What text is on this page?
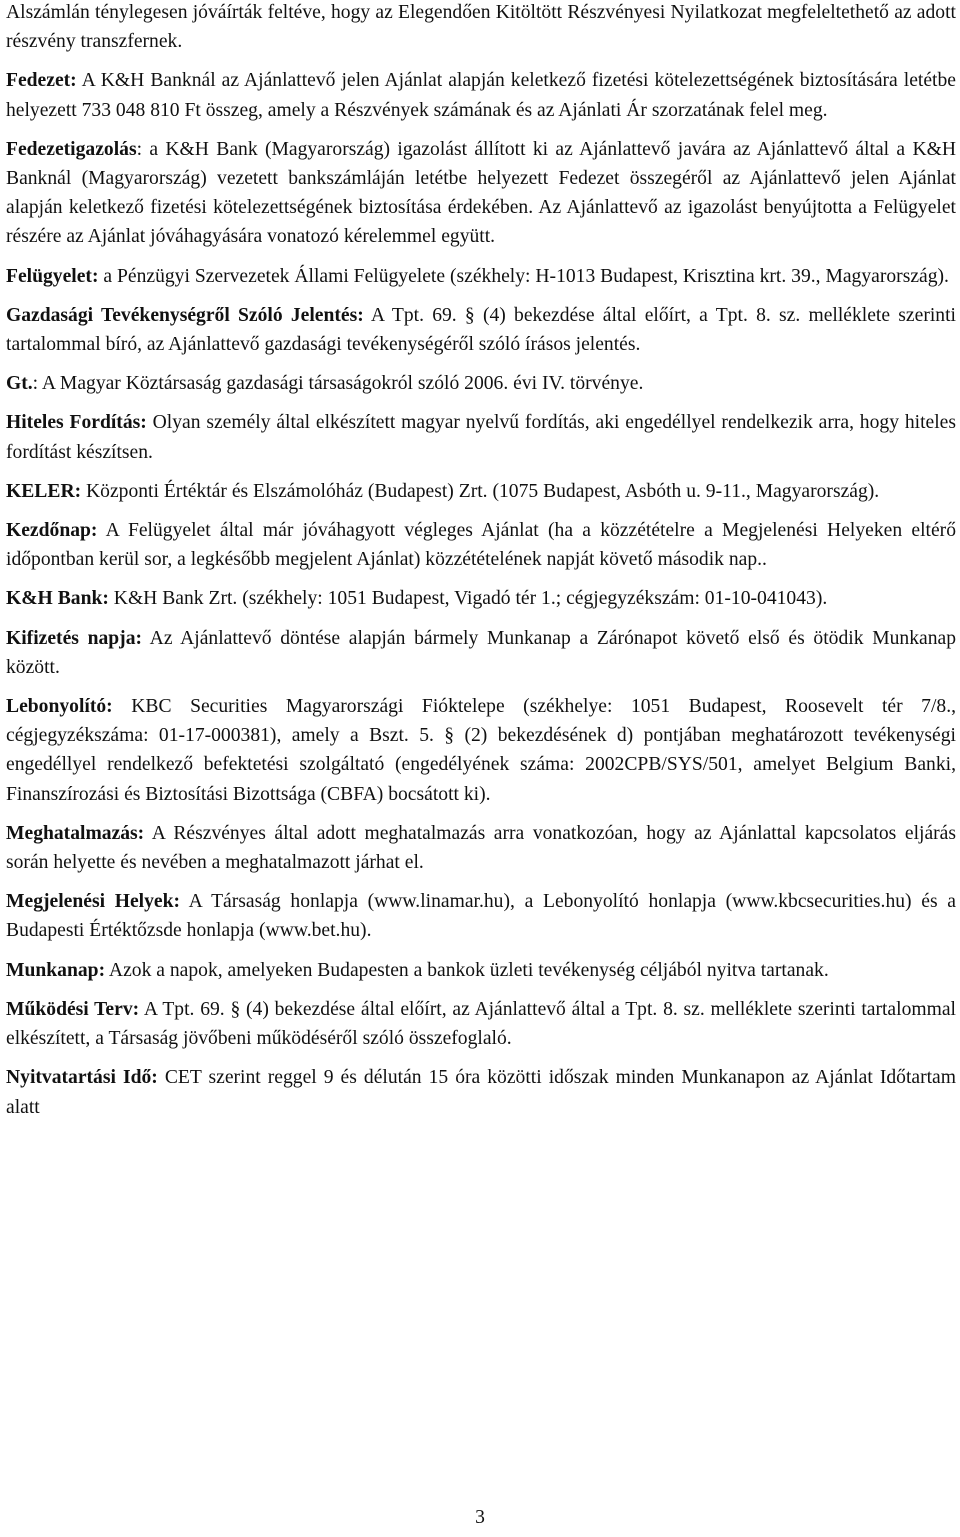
Alszámlán ténylegesen jóváírták feltéve, hogy az Elegendően Kitöltött Részvényesi Nyilatkozat megfeleltethető az adott részvény transzfernek.

Fedezet: A K&H Banknál az Ajánlattevő jelen Ajánlat alapján keletkező fizetési kötelezettségének biztosítására letétbe helyezett 733 048 810 Ft összeg, amely a Részvények számának és az Ajánlati Ár szorzatának felel meg.

Fedezetigazolás: a K&H Bank (Magyarország) igazolást állított ki az Ajánlattevő javára az Ajánlattevő által a K&H Banknál (Magyarország) vezetett bankszámláján letétbe helyezett Fedezet összegéről az Ajánlattevő jelen Ajánlat alapján keletkező fizetési kötelezettségének biztosítása érdekében. Az Ajánlattevő az igazolást benyújtotta a Felügyelet részére az Ajánlat jóváhagyására vonatozó kérelemmel együtt.

Felügyelet: a Pénzügyi Szervezetek Állami Felügyelete (székhely: H-1013 Budapest, Krisztina krt. 39., Magyarország).

Gazdasági Tevékenységről Szóló Jelentés: A Tpt. 69. § (4) bekezdése által előírt, a Tpt. 8. sz. melléklete szerinti tartalommal bíró, az Ajánlattevő gazdasági tevékenységéről szóló írásos jelentés.

Gt.: A Magyar Köztársaság gazdasági társaságokról szóló 2006. évi IV. törvénye.

Hiteles Fordítás: Olyan személy által elkészített magyar nyelvű fordítás, aki engedéllyel rendelkezik arra, hogy hiteles fordítást készítsen.

KELER: Központi Értéktár és Elszámolóház (Budapest) Zrt. (1075 Budapest, Asbóth u. 9-11., Magyarország).

Kezdőnap: A Felügyelet által már jóváhagyott végleges Ajánlat (ha a közzétételre a Megjelenési Helyeken eltérő időpontban kerül sor, a legkésőbb megjelent Ajánlat) közzétételének napját követő második nap..

K&H Bank: K&H Bank Zrt. (székhely: 1051 Budapest, Vigadó tér 1.; cégjegyzékszám: 01-10-041043).

Kifizetés napja: Az Ajánlattevő döntése alapján bármely Munkanap a Zárónapot követő első és ötödik Munkanap között.

Lebonyolító: KBC Securities Magyarországi Fióktelepe (székhelye: 1051 Budapest, Roosevelt tér 7/8., cégjegyzékszáma: 01-17-000381), amely a Bszt. 5. § (2) bekezdésének d) pontjában meghatározott tevékenységi engedéllyel rendelkező befektetési szolgáltató (engedélyének száma: 2002CPB/SYS/501, amelyet Belgium Banki, Finanszírozási és Biztosítási Bizottsága (CBFA) bocsátott ki).

Meghatalmazás: A Részvényes által adott meghatalmazás arra vonatkozóan, hogy az Ajánlattal kapcsolatos eljárás során helyette és nevében a meghatalmazott járhat el.

Megjelenési Helyek: A Társaság honlapja (www.linamar.hu), a Lebonyolító honlapja (www.kbcsecurities.hu) és a Budapesti Értéktőzsde honlapja (www.bet.hu).

Munkanap: Azok a napok, amelyeken Budapesten a bankok üzleti tevékenység céljából nyitva tartanak.

Működési Terv: A Tpt. 69. § (4) bekezdése által előírt, az Ajánlattevő által a Tpt. 8. sz. melléklete szerinti tartalommal elkészített, a Társaság jövőbeni működéséről szóló összefoglaló.

Nyitvatartási Idő: CET szerint reggel 9 és délután 15 óra közötti időszak minden Munkanapon az Ajánlat Időtartam alatt

3
